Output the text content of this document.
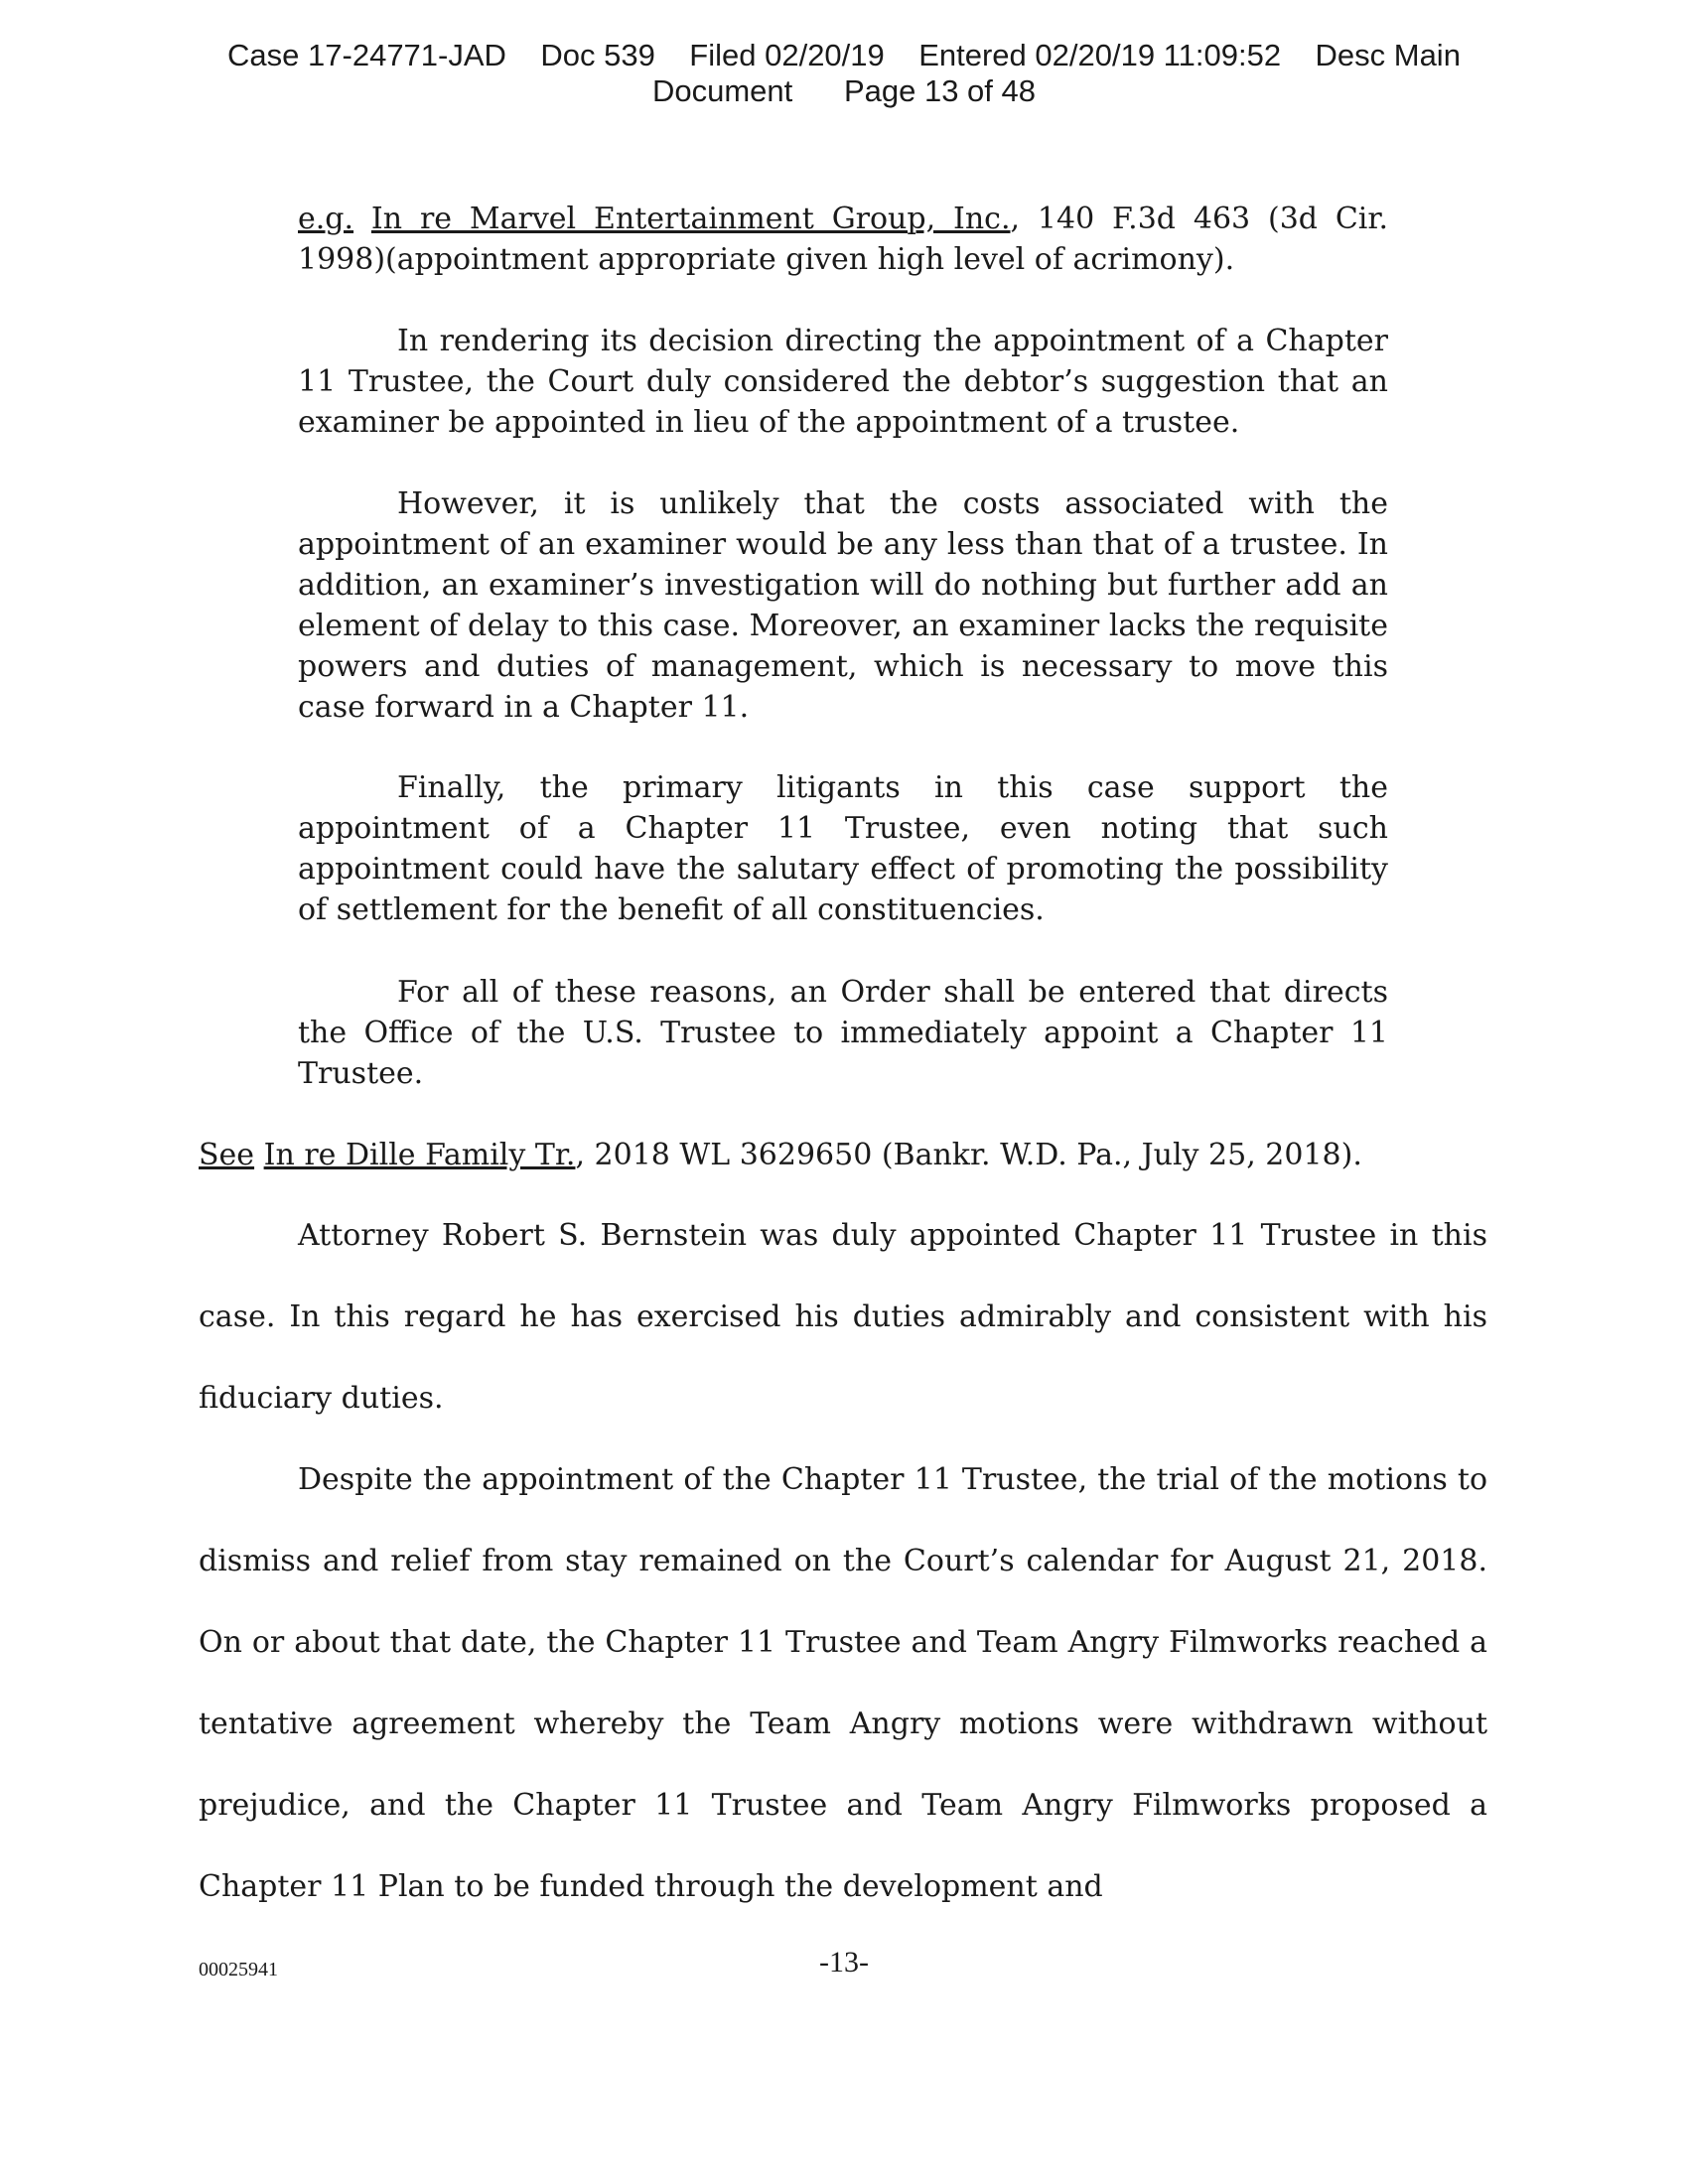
Case 17-24771-JAD    Doc 539    Filed 02/20/19    Entered 02/20/19 11:09:52    Desc Main
Document      Page 13 of 48

e.g. In re Marvel Entertainment Group, Inc., 140 F.3d 463 (3d Cir. 1998)(appointment appropriate given high level of acrimony).

In rendering its decision directing the appointment of a Chapter 11 Trustee, the Court duly considered the debtor’s suggestion that an examiner be appointed in lieu of the appointment of a trustee.

However, it is unlikely that the costs associated with the appointment of an examiner would be any less than that of a trustee. In addition, an examiner’s investigation will do nothing but further add an element of delay to this case. Moreover, an examiner lacks the requisite powers and duties of management, which is necessary to move this case forward in a Chapter 11.

Finally, the primary litigants in this case support the appointment of a Chapter 11 Trustee, even noting that such appointment could have the salutary effect of promoting the possibility of settlement for the benefit of all constituencies.

For all of these reasons, an Order shall be entered that directs the Office of the U.S. Trustee to immediately appoint a Chapter 11 Trustee.

See In re Dille Family Tr., 2018 WL 3629650 (Bankr. W.D. Pa., July 25, 2018).

Attorney Robert S. Bernstein was duly appointed Chapter 11 Trustee in this case. In this regard he has exercised his duties admirably and consistent with his fiduciary duties.

Despite the appointment of the Chapter 11 Trustee, the trial of the motions to dismiss and relief from stay remained on the Court’s calendar for August 21, 2018. On or about that date, the Chapter 11 Trustee and Team Angry Filmworks reached a tentative agreement whereby the Team Angry motions were withdrawn without prejudice, and the Chapter 11 Trustee and Team Angry Filmworks proposed a Chapter 11 Plan to be funded through the development and

00025941	-13-
